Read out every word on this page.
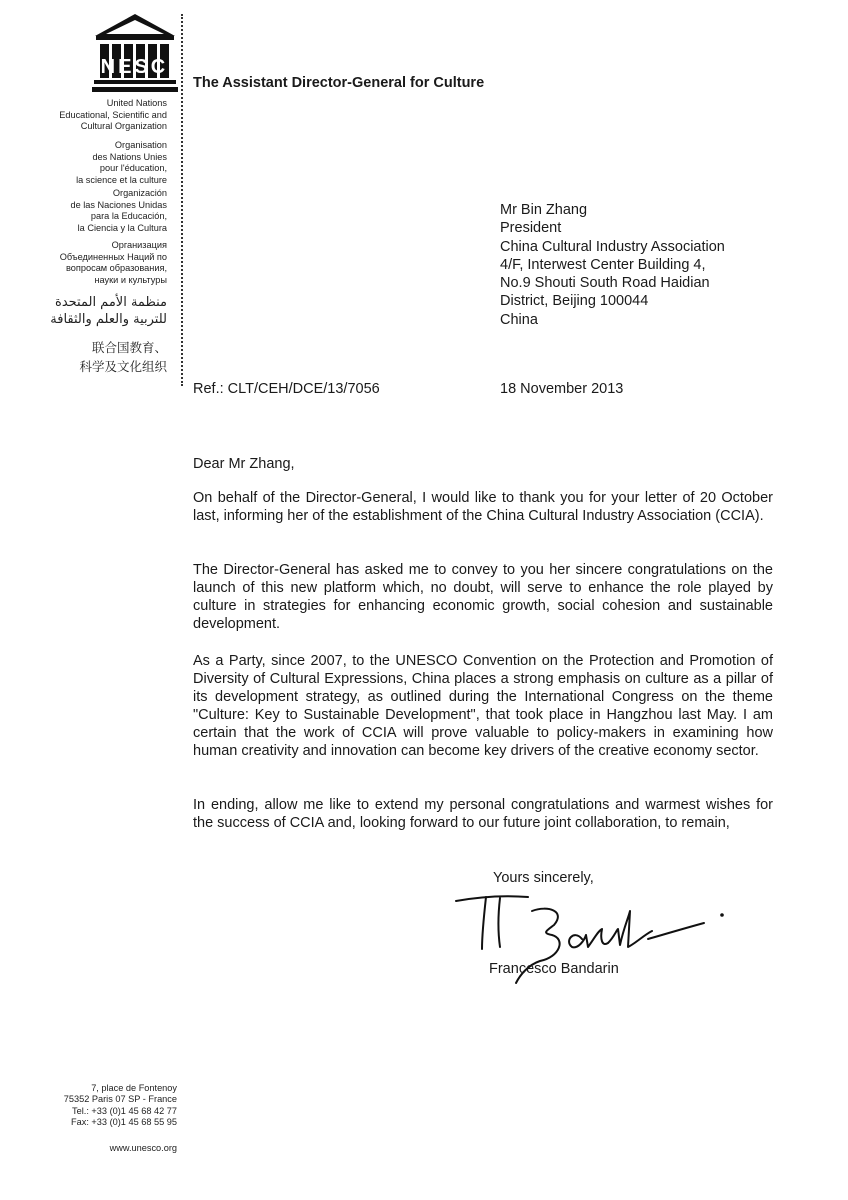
UNESCO
United Nations
Educational, Scientific and
Cultural Organization
Organisation
des Nations Unies
pour l'éducation,
la science et la culture
Organización
de las Naciones Unidas
para la Educación,
la Ciencia y la Cultura
Организация
Объединенных Наций по
вопросам образования,
науки и культуры
منظمة الأمم المتحدة
للتربية والعلم والثقافة
联合国教育、
科学及文化组织
The Assistant Director-General for Culture
Mr Bin Zhang
President
China Cultural Industry Association
4/F, Interwest Center Building 4,
No.9 Shouti South Road Haidian
District, Beijing 100044
China
Ref.: CLT/CEH/DCE/13/7056	18 November 2013
Dear Mr Zhang,
On behalf of the Director-General, I would like to thank you for your letter of 20 October last, informing her of the establishment of the China Cultural Industry Association (CCIA).
The Director-General has asked me to convey to you her sincere congratulations on the launch of this new platform which, no doubt, will serve to enhance the role played by culture in strategies for enhancing economic growth, social cohesion and sustainable development.
As a Party, since 2007, to the UNESCO Convention on the Protection and Promotion of Diversity of Cultural Expressions, China places a strong emphasis on culture as a pillar of its development strategy, as outlined during the International Congress on the theme "Culture: Key to Sustainable Development", that took place in Hangzhou last May. I am certain that the work of CCIA will prove valuable to policy-makers in examining how human creativity and innovation can become key drivers of the creative economy sector.
In ending, allow me like to extend my personal congratulations and warmest wishes for the success of CCIA and, looking forward to our future joint collaboration, to remain,
Yours sincerely,
Francesco Bandarin
7, place de Fontenoy
75352 Paris 07 SP - France
Tel.: +33 (0)1 45 68 42 77
Fax: +33 (0)1 45 68 55 95
www.unesco.org
